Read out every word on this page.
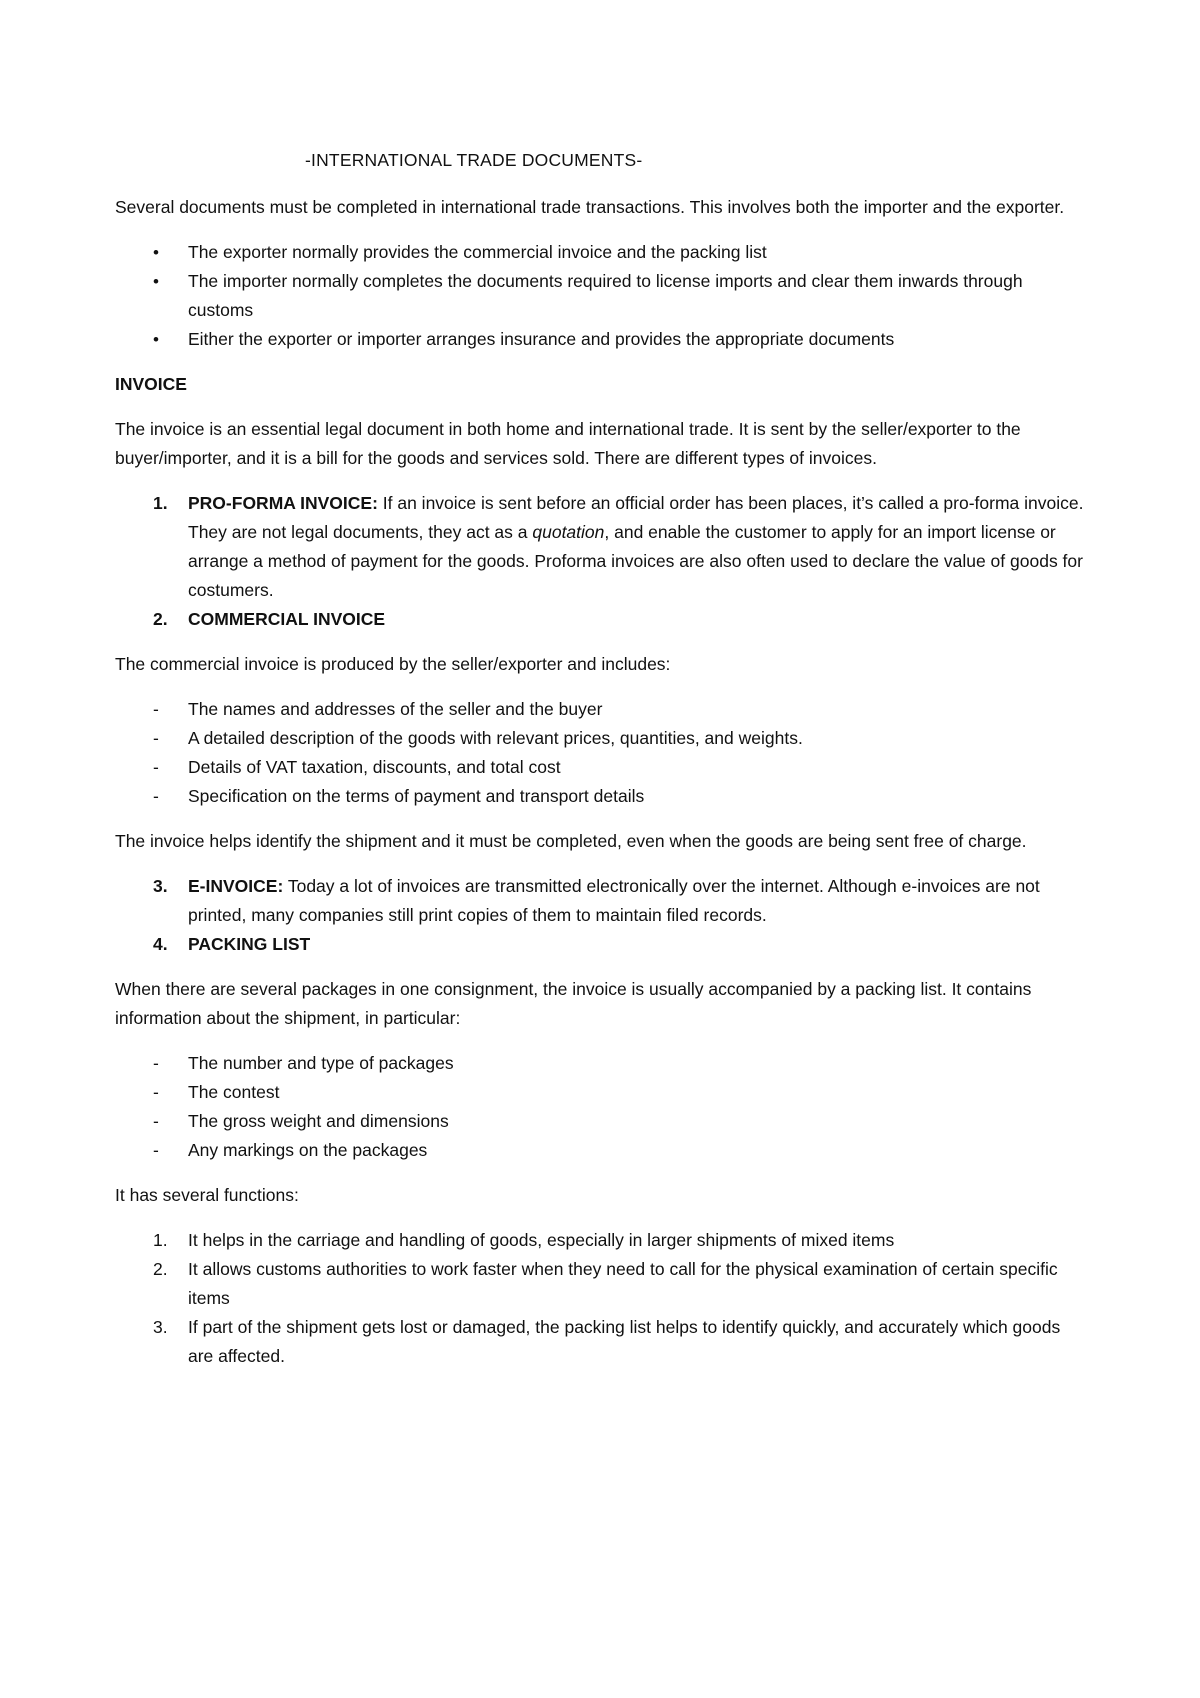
-INTERNATIONAL TRADE DOCUMENTS-

Several documents must be completed in international trade transactions. This involves both the importer and the exporter.

• The exporter normally provides the commercial invoice and the packing list
• The importer normally completes the documents required to license imports and clear them inwards through customs
• Either the exporter or importer arranges insurance and provides the appropriate documents
INVOICE

The invoice is an essential legal document in both home and international trade. It is sent by the seller/exporter to the buyer/importer, and it is a bill for the goods and services sold. There are different types of invoices.

1. PRO-FORMA INVOICE: If an invoice is sent before an official order has been places, it’s called a pro-forma invoice. They are not legal documents, they act as a quotation, and enable the customer to apply for an import license or arrange a method of payment for the goods. Proforma invoices are also often used to declare the value of goods for costumers.
2. COMMERCIAL INVOICE

The commercial invoice is produced by the seller/exporter and includes:

- The names and addresses of the seller and the buyer
- A detailed description of the goods with relevant prices, quantities, and weights.
- Details of VAT taxation, discounts, and total cost
- Specification on the terms of payment and transport details

The invoice helps identify the shipment and it must be completed, even when the goods are being sent free of charge.

3. E-INVOICE: Today a lot of invoices are transmitted electronically over the internet. Although e-invoices are not printed, many companies still print copies of them to maintain filed records.
4. PACKING LIST

When there are several packages in one consignment, the invoice is usually accompanied by a packing list. It contains information about the shipment, in particular:

- The number and type of packages
- The contest
- The gross weight and dimensions
- Any markings on the packages

It has several functions:

1. It helps in the carriage and handling of goods, especially in larger shipments of mixed items
2. It allows customs authorities to work faster when they need to call for the physical examination of certain specific items
3. If part of the shipment gets lost or damaged, the packing list helps to identify quickly, and accurately which goods are affected.
